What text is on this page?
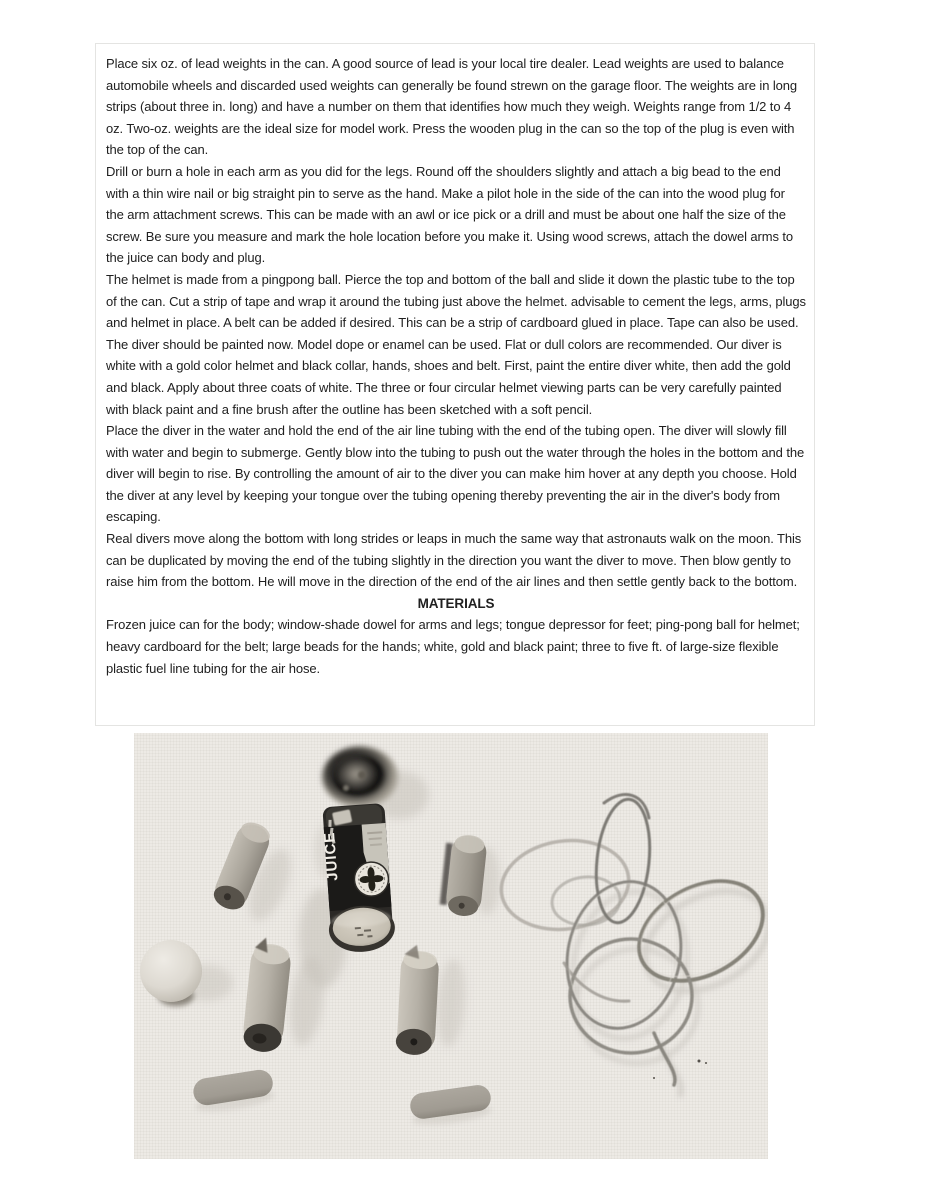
Place six oz. of lead weights in the can. A good source of lead is your local tire dealer. Lead weights are used to balance automobile wheels and discarded used weights can generally be found strewn on the garage floor. The weights are in long strips (about three in. long) and have a number on them that identifies how much they weigh. Weights range from 1/2 to 4 oz. Two-oz. weights are the ideal size for model work. Press the wooden plug in the can so the top of the plug is even with the top of the can.

Drill or burn a hole in each arm as you did for the legs. Round off the shoulders slightly and attach a big bead to the end with a thin wire nail or big straight pin to serve as the hand. Make a pilot hole in the side of the can into the wood plug for the arm attachment screws. This can be made with an awl or ice pick or a drill and must be about one half the size of the screw. Be sure you measure and mark the hole location before you make it. Using wood screws, attach the dowel arms to the juice can body and plug.

The helmet is made from a pingpong ball. Pierce the top and bottom of the ball and slide it down the plastic tube to the top of the can. Cut a strip of tape and wrap it around the tubing just above the helmet. advisable to cement the legs, arms, plugs and helmet in place. A belt can be added if desired. This can be a strip of cardboard glued in place. Tape can also be used.

The diver should be painted now. Model dope or enamel can be used. Flat or dull colors are recommended. Our diver is white with a gold color helmet and black collar, hands, shoes and belt. First, paint the entire diver white, then add the gold and black. Apply about three coats of white. The three or four circular helmet viewing parts can be very carefully painted with black paint and a fine brush after the outline has been sketched with a soft pencil.

Place the diver in the water and hold the end of the air line tubing with the end of the tubing open. The diver will slowly fill with water and begin to submerge. Gently blow into the tubing to push out the water through the holes in the bottom and the diver will begin to rise. By controlling the amount of air to the diver you can make him hover at any depth you choose. Hold the diver at any level by keeping your tongue over the tubing opening thereby preventing the air in the diver's body from escaping.

Real divers move along the bottom with long strides or leaps in much the same way that astronauts walk on the moon. This can be duplicated by moving the end of the tubing slightly in the direction you want the diver to move. Then blow gently to raise him from the bottom. He will move in the direction of the end of the air lines and then settle gently back to the bottom.

MATERIALS

Frozen juice can for the body; window-shade dowel for arms and legs; tongue depressor for feet; ping-pong ball for helmet; heavy cardboard for the belt; large beads for the hands; white, gold and black paint; three to five ft. of large-size flexible plastic fuel line tubing for the air hose.

JUICE
